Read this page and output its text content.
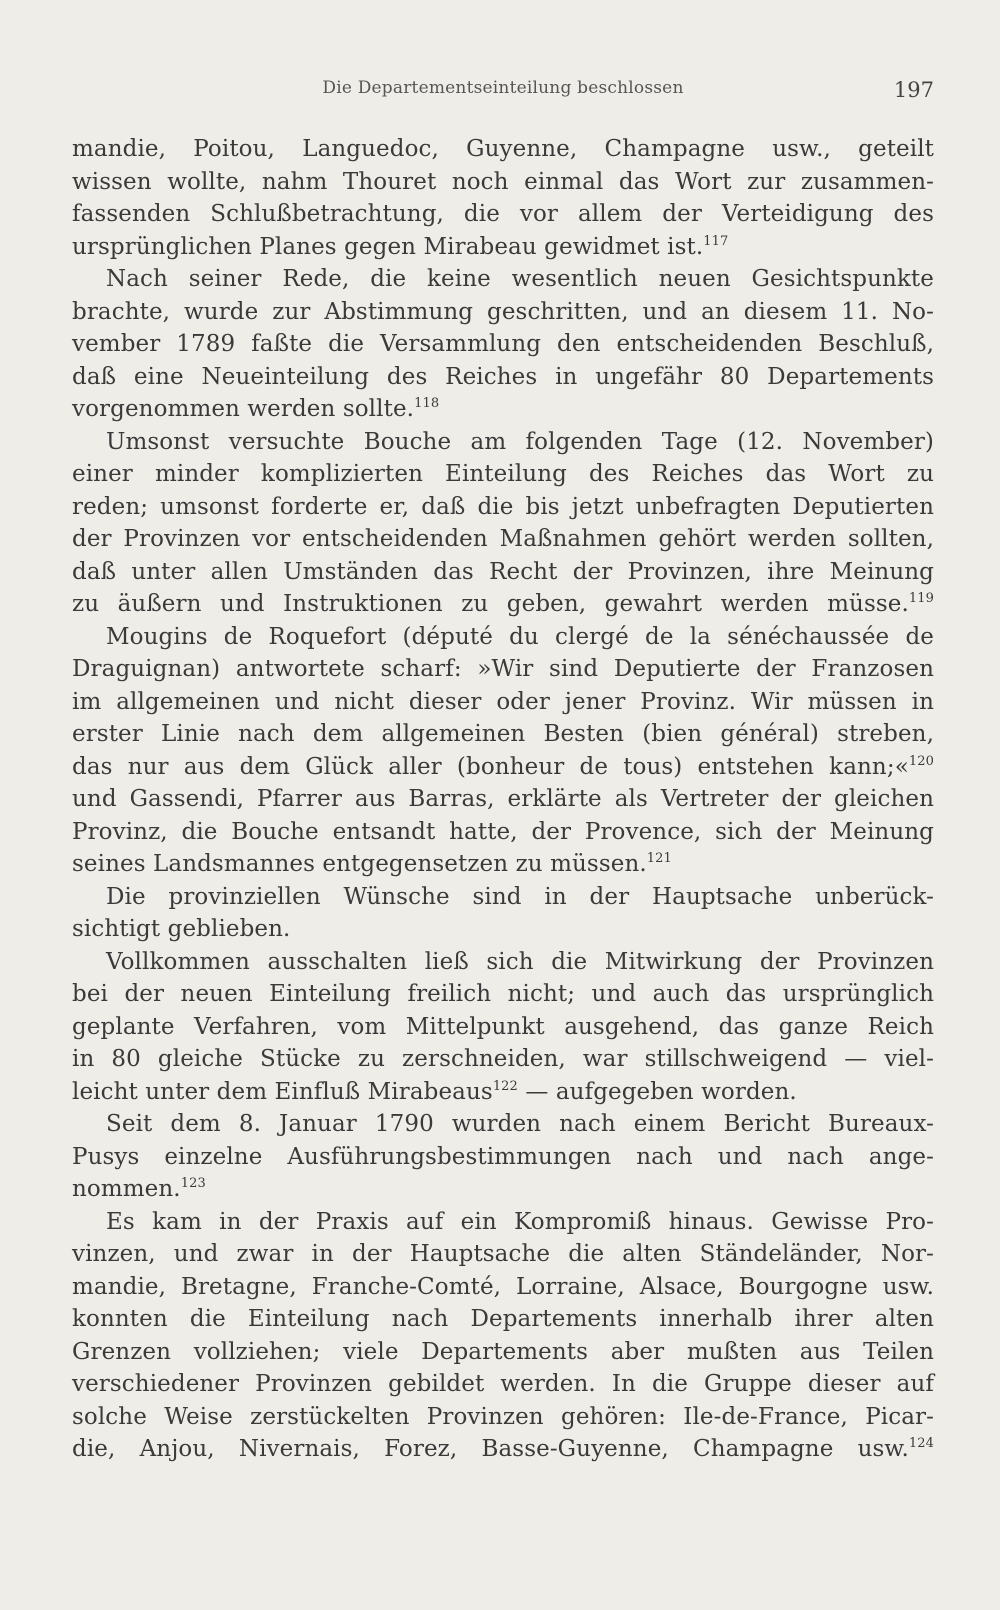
Die Departementseinteilung beschlossen	197
mandie, Poitou, Languedoc, Guyenne, Champagne usw., geteilt
wissen wollte, nahm Thouret noch einmal das Wort zur zusammen-
fassenden Schlußbetrachtung, die vor allem der Verteidigung des
ursprünglichen Planes gegen Mirabeau gewidmet ist.$^{117}$
Nach seiner Rede, die keine wesentlich neuen Gesichtspunkte
brachte, wurde zur Abstimmung geschritten, und an diesem 11. No-
vember 1789 faßte die Versammlung den entscheidenden Beschluß,
daß eine Neueinteilung des Reiches in ungefähr 80 Departements
vorgenommen werden sollte.$^{118}$
Umsonst versuchte Bouche am folgenden Tage (12. November)
einer minder komplizierten Einteilung des Reiches das Wort zu
reden; umsonst forderte er, daß die bis jetzt unbefragten Deputierten
der Provinzen vor entscheidenden Maßnahmen gehört werden sollten,
daß unter allen Umständen das Recht der Provinzen, ihre Meinung
zu äußern und Instruktionen zu geben, gewahrt werden müsse.$^{119}$
Mougins de Roquefort (député du clergé de la sénéchaussée de
Draguignan) antwortete scharf: »Wir sind Deputierte der Franzosen
im allgemeinen und nicht dieser oder jener Provinz. Wir müssen in
erster Linie nach dem allgemeinen Besten (bien général) streben,
das nur aus dem Glück aller (bonheur de tous) entstehen kann;«$^{120}$
und Gassendi, Pfarrer aus Barras, erklärte als Vertreter der gleichen
Provinz, die Bouche entsandt hatte, der Provence, sich der Meinung
seines Landsmannes entgegensetzen zu müssen.$^{121}$
Die provinziellen Wünsche sind in der Hauptsache unberück-
sichtigt geblieben.
Vollkommen ausschalten ließ sich die Mitwirkung der Provinzen
bei der neuen Einteilung freilich nicht; und auch das ursprünglich
geplante Verfahren, vom Mittelpunkt ausgehend, das ganze Reich
in 80 gleiche Stücke zu zerschneiden, war stillschweigend — viel-
leicht unter dem Einfluß Mirabeaus$^{122}$ — aufgegeben worden.
Seit dem 8. Januar 1790 wurden nach einem Bericht Bureaux-
Pusys einzelne Ausführungsbestimmungen nach und nach ange-
nommen.$^{123}$
Es kam in der Praxis auf ein Kompromiß hinaus. Gewisse Pro-
vinzen, und zwar in der Hauptsache die alten Ständeländer, Nor-
mandie, Bretagne, Franche-Comté, Lorraine, Alsace, Bourgogne usw.
konnten die Einteilung nach Departements innerhalb ihrer alten
Grenzen vollziehen; viele Departements aber mußten aus Teilen
verschiedener Provinzen gebildet werden. In die Gruppe dieser auf
solche Weise zerstückelten Provinzen gehören: Ile-de-France, Picar-
die, Anjou, Nivernais, Forez, Basse-Guyenne, Champagne usw.$^{124}$
